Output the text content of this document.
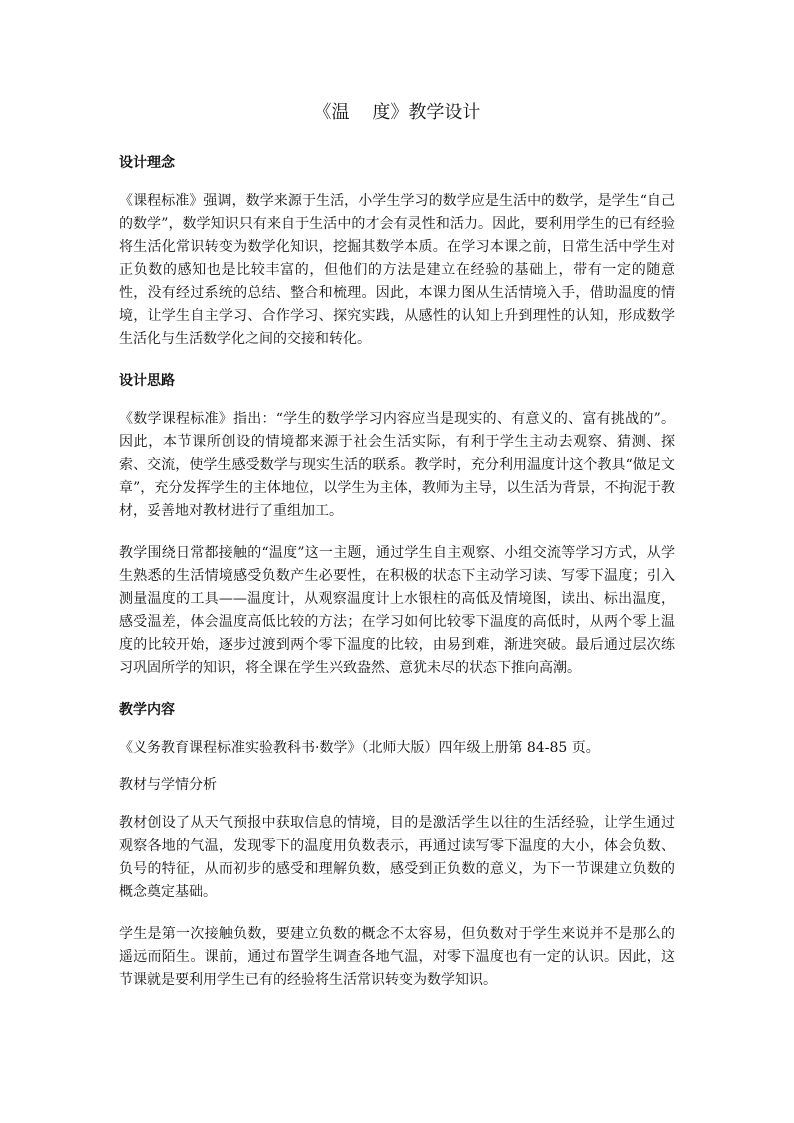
《温    度》教学设计
设计理念
《课程标准》强调，数学来源于生活，小学生学习的数学应是生活中的数学，是学生“自己的数学”，数学知识只有来自于生活中的才会有灵性和活力。因此，要利用学生的已有经验将生活化常识转变为数学化知识，挖掘其数学本质。在学习本课之前，日常生活中学生对正负数的感知也是比较丰富的，但他们的方法是建立在经验的基础上，带有一定的随意性，没有经过系统的总结、整合和梳理。因此，本课力图从生活情境入手，借助温度的情境，让学生自主学习、合作学习、探究实践，从感性的认知上升到理性的认知，形成数学生活化与生活数学化之间的交接和转化。
设计思路
《数学课程标准》指出：“学生的数学学习内容应当是现实的、有意义的、富有挑战的”。因此，本节课所创设的情境都来源于社会生活实际，有利于学生主动去观察、猜测、探索、交流，使学生感受数学与现实生活的联系。教学时，充分利用温度计这个教具“做足文章”，充分发挥学生的主体地位，以学生为主体，教师为主导，以生活为背景，不拘泥于教材，妥善地对教材进行了重组加工。
教学围绕日常都接触的“温度”这一主题，通过学生自主观察、小组交流等学习方式，从学生熟悉的生活情境感受负数产生必要性，在积极的状态下主动学习读、写零下温度；引入测量温度的工具——温度计，从观察温度计上水银柱的高低及情境图，读出、标出温度，感受温差，体会温度高低比较的方法；在学习如何比较零下温度的高低时，从两个零上温度的比较开始，逐步过渡到两个零下温度的比较，由易到难，渐进突破。最后通过层次练习巩固所学的知识，将全课在学生兴致盎然、意犹未尽的状态下推向高潮。
教学内容
《义务教育课程标准实验教科书·数学》（北师大版）四年级上册第 84-85 页。
教材与学情分析
教材创设了从天气预报中获取信息的情境，目的是激活学生以往的生活经验，让学生通过观察各地的气温，发现零下的温度用负数表示，再通过读写零下温度的大小，体会负数、负号的特征，从而初步的感受和理解负数，感受到正负数的意义，为下一节课建立负数的概念奠定基础。
学生是第一次接触负数，要建立负数的概念不太容易，但负数对于学生来说并不是那么的遥远而陌生。课前，通过布置学生调查各地气温，对零下温度也有一定的认识。因此，这节课就是要利用学生已有的经验将生活常识转变为数学知识。
